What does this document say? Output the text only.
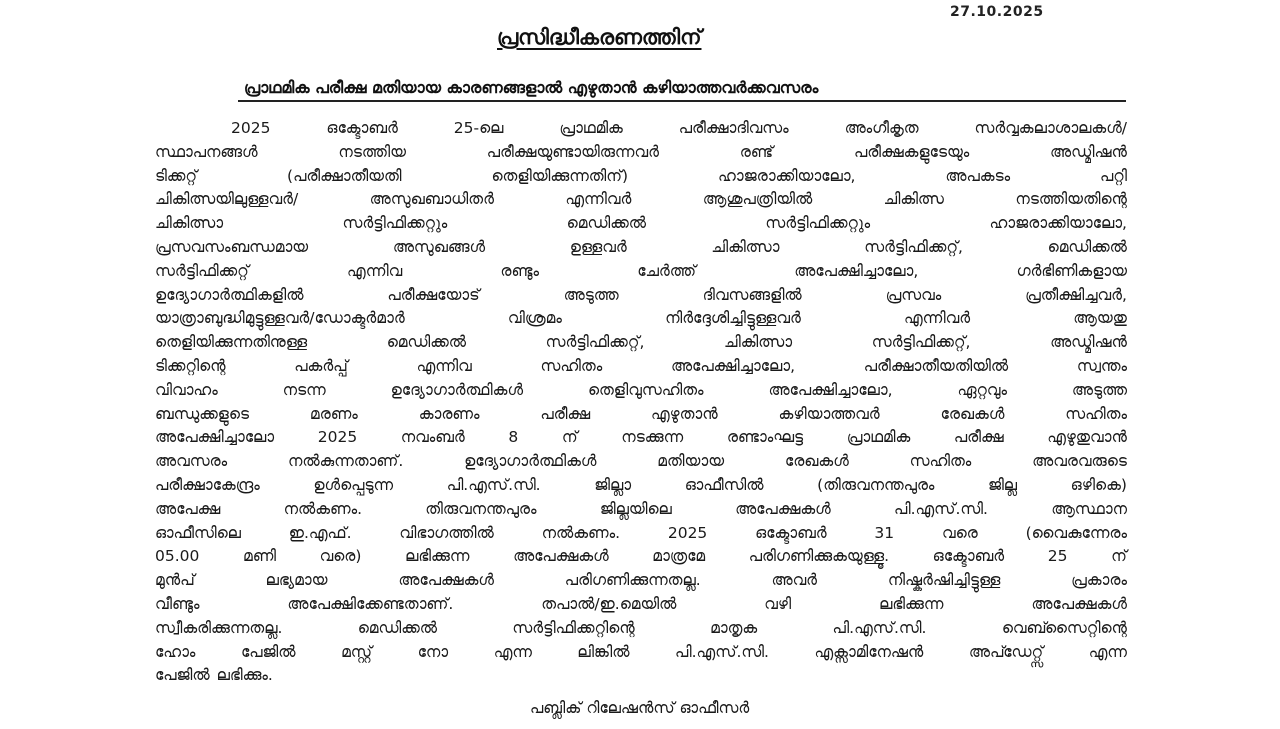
27.10.2025
പ്രസിദ്ധീകരണത്തിന്
പ്രാഥമിക പരീക്ഷ മതിയായ കാരണങ്ങളാൽ എഴുതാൻ കഴിയാത്തവർക്കവസരം
2025	ഒക്ടോബർ	25-ലെ	പ്രാഥമിക	പരീക്ഷാദിവസം	അംഗീകൃത	സർവ്വകലാശാലകൾ/
സ്ഥാപനങ്ങൾ	നടത്തിയ	പരീക്ഷയുണ്ടായിരുന്നവർ	രണ്ട്	പരീക്ഷകളുടേയും	അഡ്മിഷൻ
ടിക്കറ്റ്	(പരീക്ഷാതീയതി	തെളിയിക്കുന്നതിന്)	ഹാജരാക്കിയാലോ,	അപകടം	പറ്റി
ചികിത്സയിലുള്ളവർ/	അസുഖബാധിതർ	എന്നിവർ	ആശുപത്രിയിൽ	ചികിത്സ	നടത്തിയതിന്റെ
ചികിത്സാ	സർട്ടിഫിക്കറ്റും	മെഡിക്കൽ	സർട്ടിഫിക്കറ്റും	ഹാജരാക്കിയാലോ,
പ്രസവസംബന്ധമായ	അസുഖങ്ങൾ	ഉള്ളവർ	ചികിത്സാ	സർട്ടിഫിക്കറ്റ്,	മെഡിക്കൽ
സർട്ടിഫിക്കറ്റ്	എന്നിവ	രണ്ടും	ചേർത്ത്	അപേക്ഷിച്ചാലോ,	ഗർഭിണികളായ
ഉദ്യോഗാർത്ഥികളിൽ	പരീക്ഷയോട്	അടുത്ത	ദിവസങ്ങളിൽ	പ്രസവം	പ്രതീക്ഷിച്ചവർ,
യാത്രാബുദ്ധിമുട്ടുള്ളവർ/ഡോക്ടർമാർ	വിശ്രമം	നിർദ്ദേശിച്ചിട്ടുള്ളവർ	എന്നിവർ	ആയതു
തെളിയിക്കുന്നതിനുള്ള	മെഡിക്കൽ	സർട്ടിഫിക്കറ്റ്,	ചികിത്സാ	സർട്ടിഫിക്കറ്റ്,	അഡ്മിഷൻ
ടിക്കറ്റിന്റെ	പകർപ്പ്	എന്നിവ	സഹിതം	അപേക്ഷിച്ചാലോ,	പരീക്ഷാതീയതിയിൽ	സ്വന്തം
വിവാഹം	നടന്ന	ഉദ്യോഗാർത്ഥികൾ	തെളിവുസഹിതം	അപേക്ഷിച്ചാലോ,	ഏറ്റവും	അടുത്ത
ബന്ധുക്കളുടെ	മരണം	കാരണം	പരീക്ഷ	എഴുതാൻ	കഴിയാത്തവർ	രേഖകൾ	സഹിതം
അപേക്ഷിച്ചാലോ	2025	നവംബർ	8	ന്	നടക്കുന്ന	രണ്ടാംഘട്ട	പ്രാഥമിക	പരീക്ഷ	എഴുതുവാൻ
അവസരം	നൽകുന്നതാണ്.	ഉദ്യോഗാർത്ഥികൾ	മതിയായ	രേഖകൾ	സഹിതം	അവരവരുടെ
പരീക്ഷാകേന്ദ്രം	ഉൾപ്പെടുന്ന	പി.എസ്.സി.	ജില്ലാ	ഓഫീസിൽ	(തിരുവനന്തപുരം	ജില്ല	ഒഴികെ)
അപേക്ഷ	നൽകണം.	തിരുവനന്തപുരം	ജില്ലയിലെ	അപേക്ഷകൾ	പി.എസ്.സി.	ആസ്ഥാന
ഓഫീസിലെ	ഇ.എഫ്.	വിഭാഗത്തിൽ	നൽകണം.	2025	ഒക്ടോബർ	31	വരെ	(വൈകുന്നേരം
05.00	മണി	വരെ)	ലഭിക്കുന്ന	അപേക്ഷകൾ	മാത്രമേ	പരിഗണിക്കുകയുള്ളൂ.	ഒക്ടോബർ	25	ന്
മുൻപ്	ലഭ്യമായ	അപേക്ഷകൾ	പരിഗണിക്കുന്നതല്ല.	അവർ	നിഷ്കർഷിച്ചിട്ടുള്ള	പ്രകാരം
വീണ്ടും	അപേക്ഷിക്കേണ്ടതാണ്.	തപാൽ/ഇ.മെയിൽ	വഴി	ലഭിക്കുന്ന	അപേക്ഷകൾ
സ്വീകരിക്കുന്നതല്ല.	മെഡിക്കൽ	സർട്ടിഫിക്കറ്റിന്റെ	മാതൃക	പി.എസ്.സി.	വെബ്സൈറ്റിന്റെ
ഹോം	പേജിൽ	മസ്റ്റ്	നോ	എന്ന	ലിങ്കിൽ	പി.എസ്.സി.	എക്സാമിനേഷൻ	അപ്ഡേറ്റ്സ്	എന്ന
പേജിൽ ലഭിക്കും.
പബ്ലിക് റിലേഷൻസ് ഓഫീസർ
